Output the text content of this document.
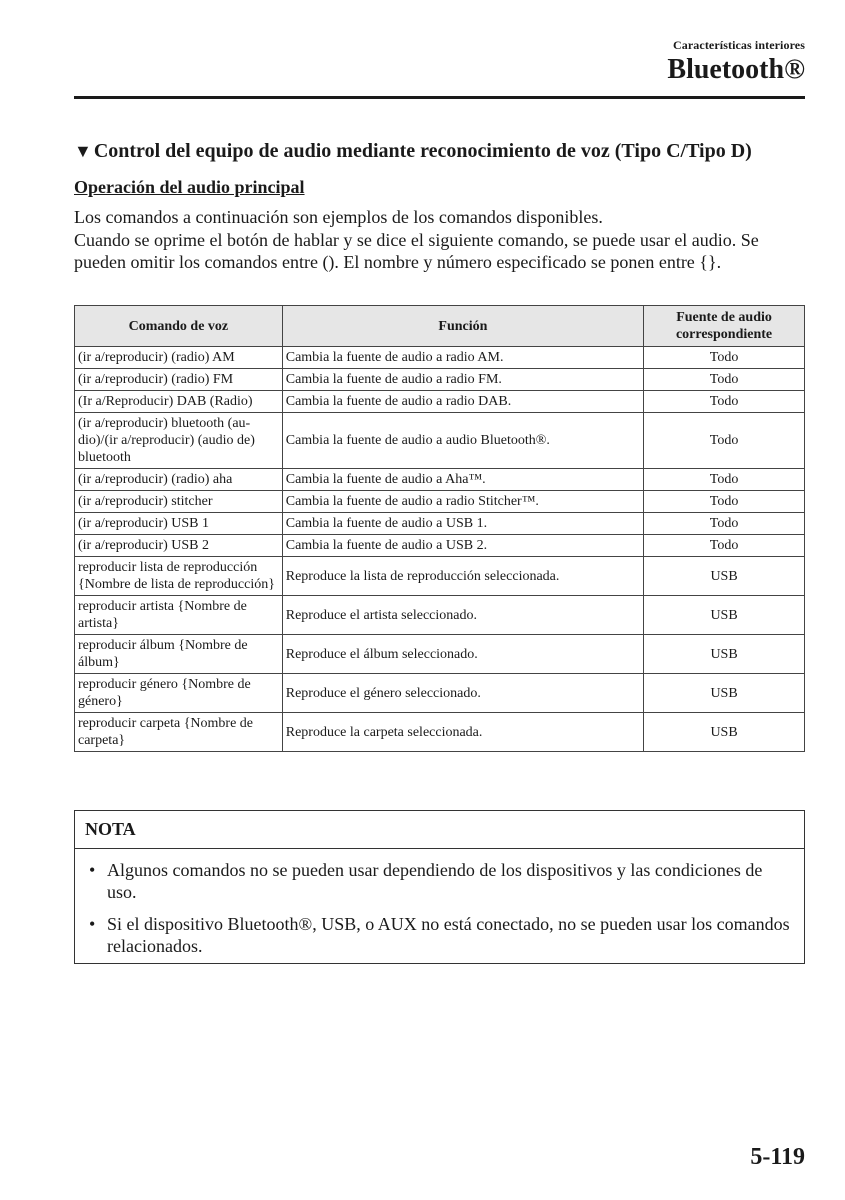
Características interiores
Bluetooth®
▼ Control del equipo de audio mediante reconocimiento de voz (Tipo C/Tipo D)
Operación del audio principal

Los comandos a continuación son ejemplos de los comandos disponibles.

Cuando se oprime el botón de hablar y se dice el siguiente comando, se puede usar el audio. Se pueden omitir los comandos entre (). El nombre y número especificado se ponen entre {}.

Comando de voz	Función	Fuente de audio correspondiente
(ir a/reproducir) (radio) AM	Cambia la fuente de audio a radio AM.	Todo
(ir a/reproducir) (radio) FM	Cambia la fuente de audio a radio FM.	Todo
(Ir a/Reproducir) DAB (Radio)	Cambia la fuente de audio a radio DAB.	Todo
(ir a/reproducir) bluetooth (audio)/(ir a/reproducir) (audio de) bluetooth	Cambia la fuente de audio a audio Bluetooth®.	Todo
(ir a/reproducir) (radio) aha	Cambia la fuente de audio a Aha™.	Todo
(ir a/reproducir) stitcher	Cambia la fuente de audio a radio Stitcher™.	Todo
(ir a/reproducir) USB 1	Cambia la fuente de audio a USB 1.	Todo
(ir a/reproducir) USB 2	Cambia la fuente de audio a USB 2.	Todo
reproducir lista de reproducción {Nombre de lista de reproducción}	Reproduce la lista de reproducción seleccionada.	USB
reproducir artista {Nombre de artista}	Reproduce el artista seleccionado.	USB
reproducir álbum {Nombre de álbum}	Reproduce el álbum seleccionado.	USB
reproducir género {Nombre de género}	Reproduce el género seleccionado.	USB
reproducir carpeta {Nombre de carpeta}	Reproduce la carpeta seleccionada.	USB
NOTA
• Algunos comandos no se pueden usar dependiendo de los dispositivos y las condiciones de uso.
• Si el dispositivo Bluetooth®, USB, o AUX no está conectado, no se pueden usar los comandos relacionados.
5-119
